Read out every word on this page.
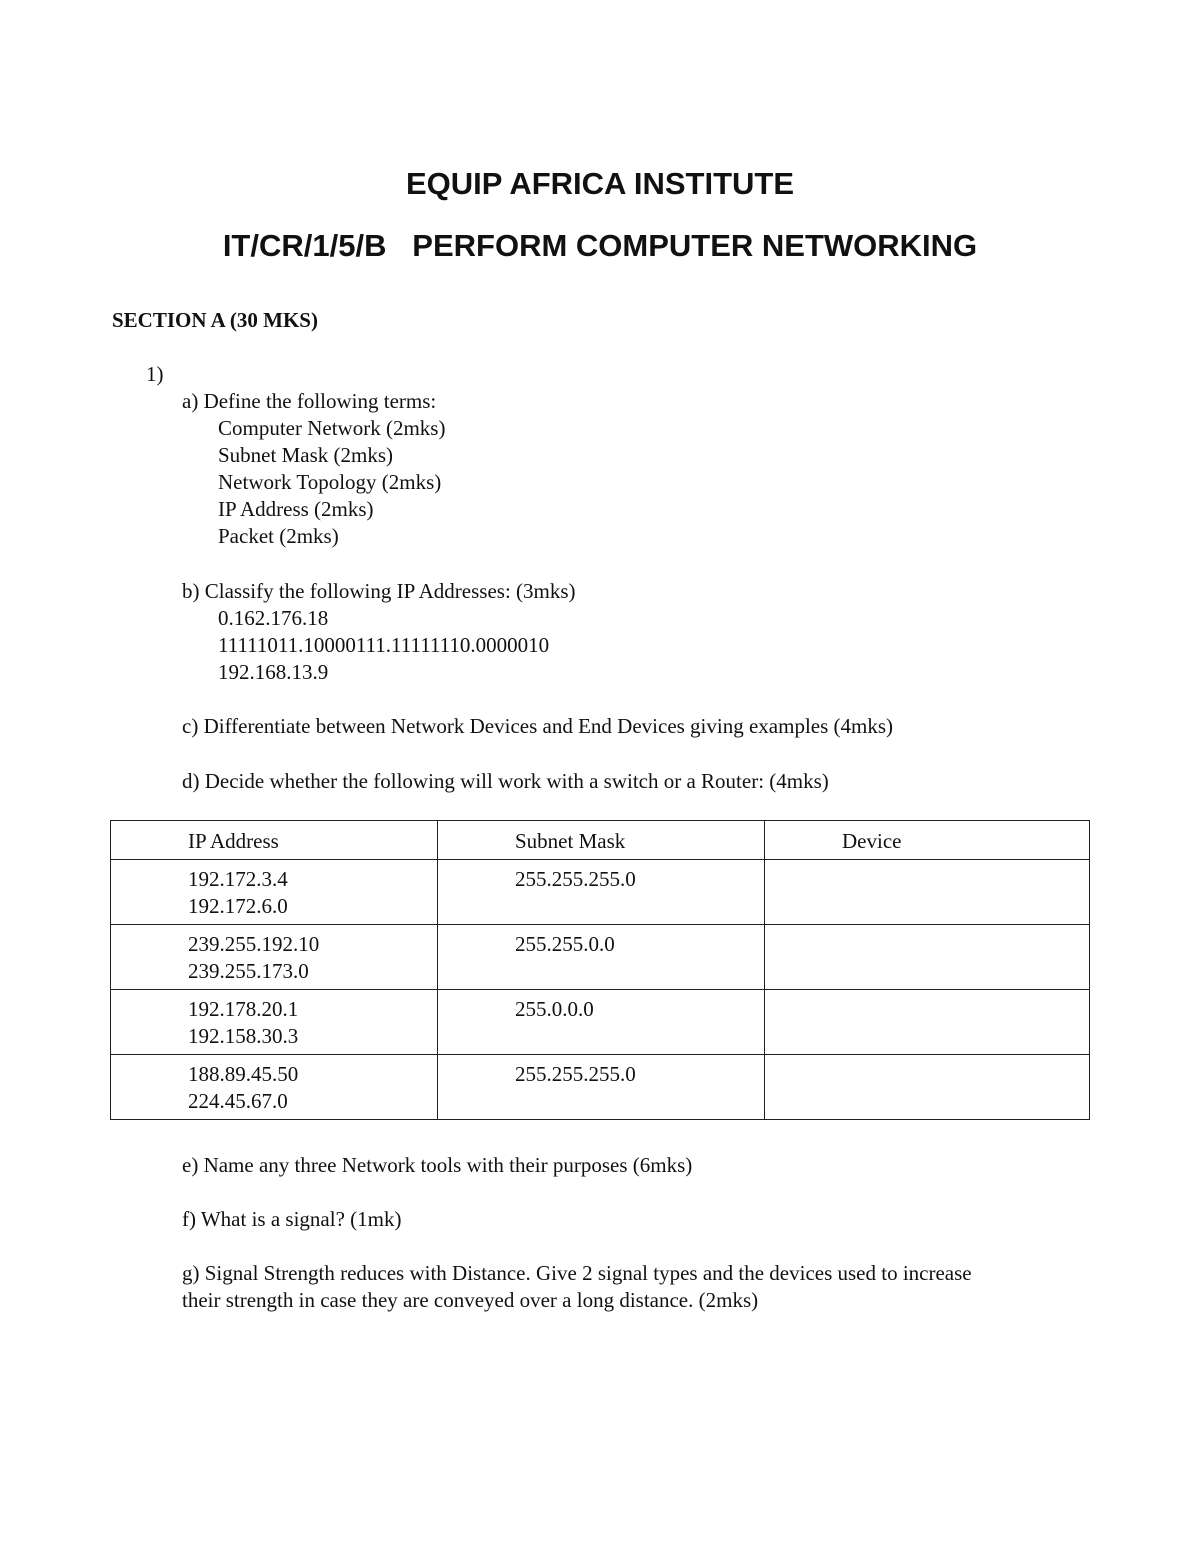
EQUIP AFRICA INSTITUTE
IT/CR/1/5/B   PERFORM COMPUTER NETWORKING
SECTION A (30 MKS)
1)
a) Define the following terms:
Computer Network (2mks)
Subnet Mask (2mks)
Network Topology (2mks)
IP Address (2mks)
Packet (2mks)
b) Classify the following IP Addresses: (3mks)
0.162.176.18
11111011.10000111.11111110.0000010
192.168.13.9
c) Differentiate between Network Devices and End Devices giving examples (4mks)
d) Decide whether the following will work with a switch or a Router: (4mks)
IP Address	Subnet Mask	Device

192.172.3.4
192.172.6.0	255.255.255.0	

239.255.192.10
239.255.173.0	255.255.0.0	

192.178.20.1
192.158.30.3	255.0.0.0	

188.89.45.50
224.45.67.0	255.255.255.0	

e) Name any three Network tools with their purposes (6mks)
f) What is a signal? (1mk)
g) Signal Strength reduces with Distance. Give 2 signal types and the devices used to increase
their strength in case they are conveyed over a long distance. (2mks)
